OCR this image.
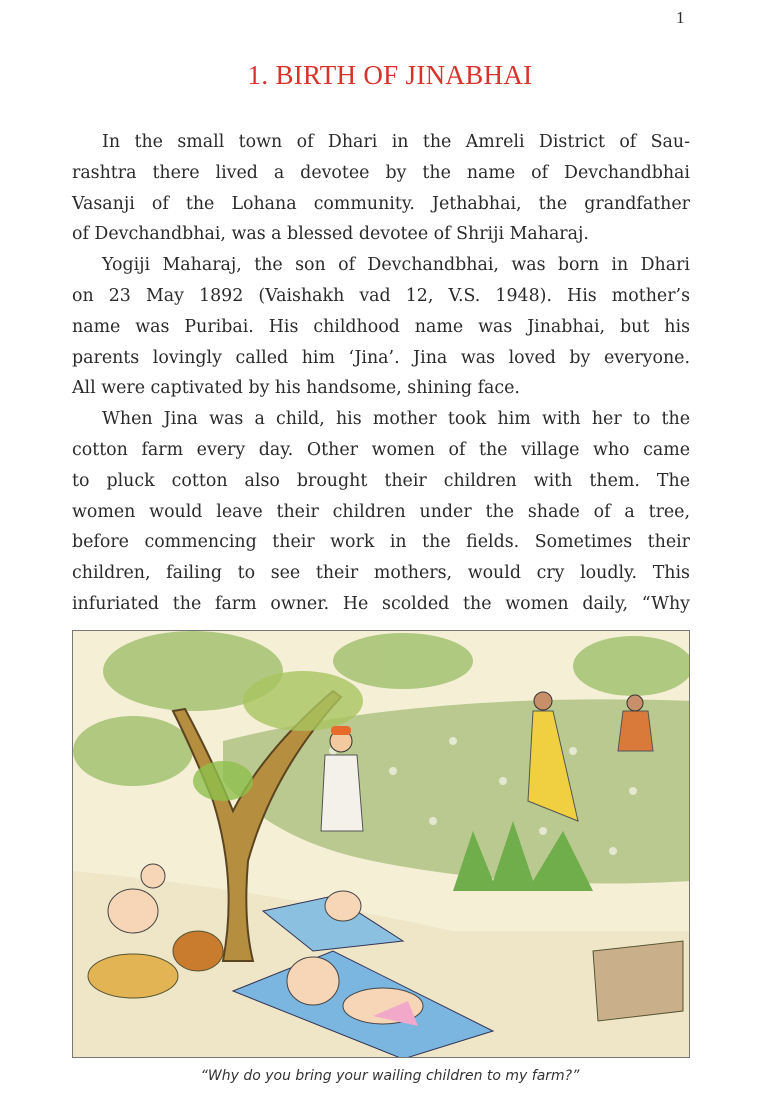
1
1. BIRTH OF JINABHAI
In the small town of Dhari in the Amreli District of Sau-
rashtra there lived a devotee by the name of Devchandbhai
Vasanji of the Lohana community. Jethabhai, the grandfather
of Devchandbhai, was a blessed devotee of Shriji Maharaj.
Yogiji Maharaj, the son of Devchandbhai, was born in Dhari
on 23 May 1892 (Vaishakh vad 12, V.S. 1948). His mother’s
name was Puribai. His childhood name was Jinabhai, but his
parents lovingly called him ‘Jina’. Jina was loved by everyone.
All were captivated by his handsome, shining face.
When Jina was a child, his mother took him with her to the
cotton farm every day. Other women of the village who came
to pluck cotton also brought their children with them. The
women would leave their children under the shade of a tree,
before commencing their work in the fields. Sometimes their
children, failing to see their mothers, would cry loudly. This
infuriated the farm owner. He scolded the women daily, “Why
“Why do you bring your wailing children to my farm?”
